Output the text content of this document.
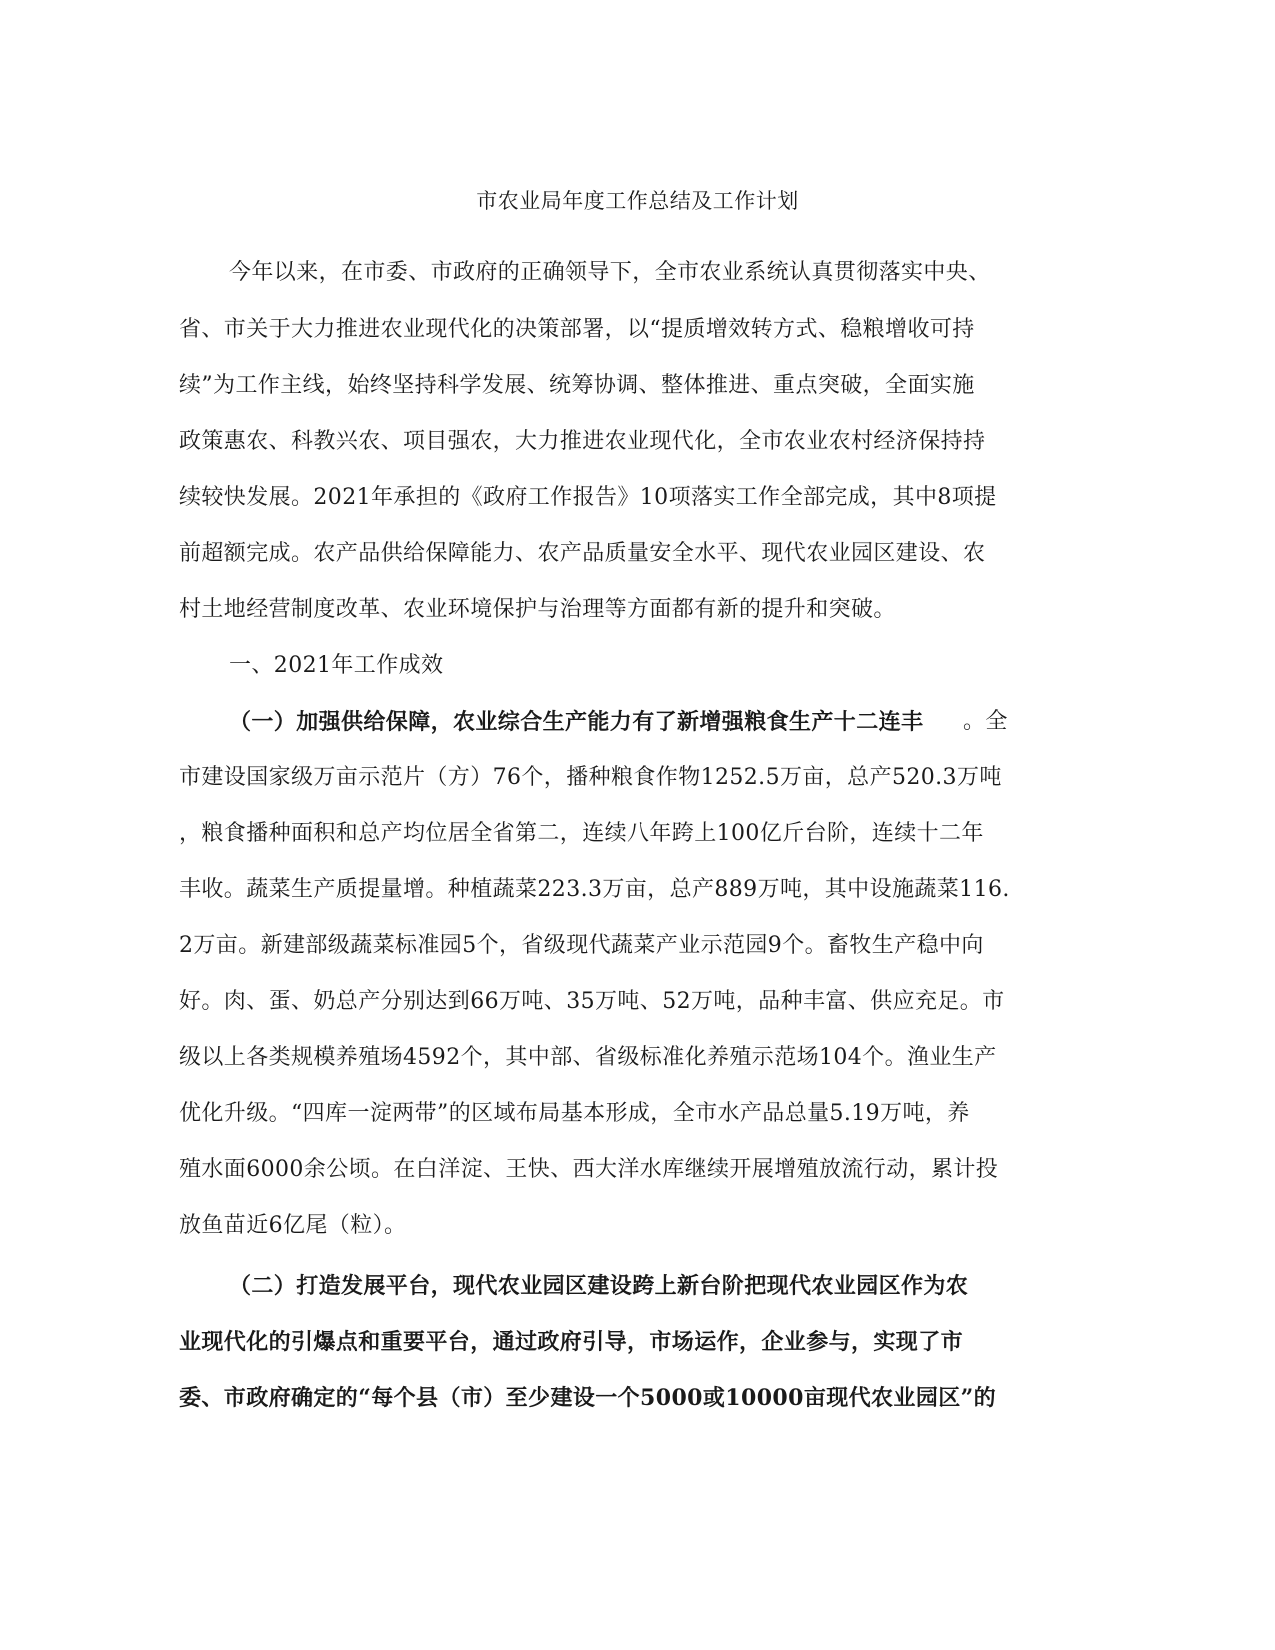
市农业局年度工作总结及工作计划
今年以来，在市委、市政府的正确领导下，全市农业系统认真贯彻落实中央、
省、市关于大力推进农业现代化的决策部署，以“提质增效转方式、稳粮增收可持
续”为工作主线，始终坚持科学发展、统筹协调、整体推进、重点突破，全面实施
政策惠农、科教兴农、项目强农，大力推进农业现代化，全市农业农村经济保持持
续较快发展。2021年承担的《政府工作报告》10项落实工作全部完成，其中8项提
前超额完成。农产品供给保障能力、农产品质量安全水平、现代农业园区建设、农
村土地经营制度改革、农业环境保护与治理等方面都有新的提升和突破。
一、2021年工作成效
（一）加强供给保障，农业综合生产能力有了新增强粮食生产十二连丰 。全
市建设国家级万亩示范片（方）76个，播种粮食作物1252.5万亩，总产520.3万吨
，粮食播种面积和总产均位居全省第二，连续八年跨上100亿斤台阶，连续十二年
丰收。蔬菜生产质提量增。种植蔬菜223.3万亩，总产889万吨，其中设施蔬菜116.
2万亩。新建部级蔬菜标准园5个，省级现代蔬菜产业示范园9个。畜牧生产稳中向
好。肉、蛋、奶总产分别达到66万吨、35万吨、52万吨，品种丰富、供应充足。市
级以上各类规模养殖场4592个，其中部、省级标准化养殖示范场104个。渔业生产
优化升级。“四库一淀两带”的区域布局基本形成，全市水产品总量5.19万吨，养
殖水面6000余公顷。在白洋淀、王快、西大洋水库继续开展增殖放流行动，累计投
放鱼苗近6亿尾（粒）。
（二）打造发展平台，现代农业园区建设跨上新台阶把现代农业园区作为农
业现代化的引爆点和重要平台，通过政府引导，市场运作，企业参与，实现了市
委、市政府确定的“每个县（市）至少建设一个5000或10000亩现代农业园区”的
